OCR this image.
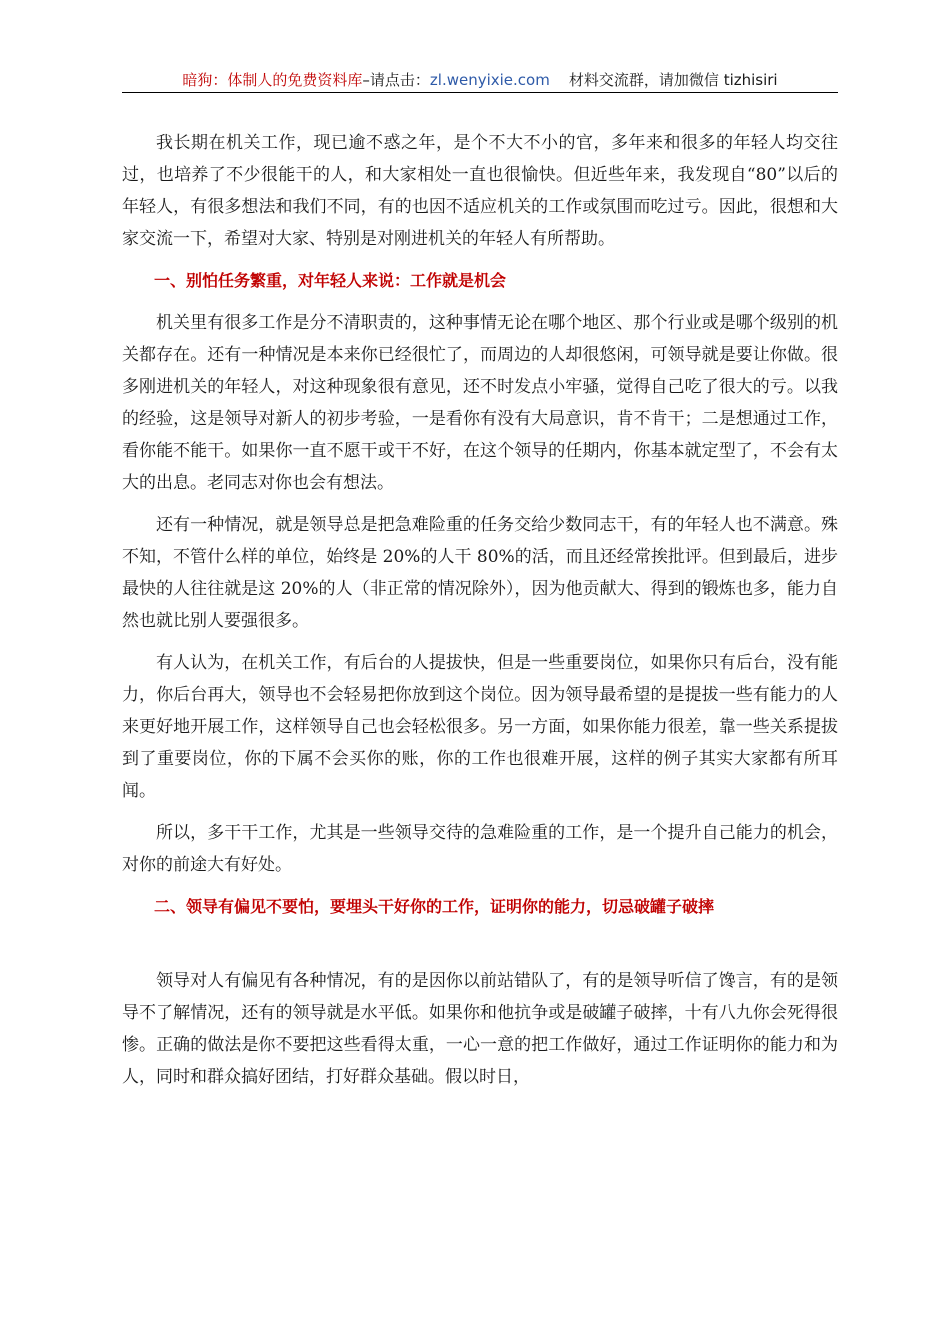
暗狗：体制人的免费资料库–请点击：zl.wenyixie.com 材料交流群，请加微信 tizhisiri

我长期在机关工作，现已逾不惑之年，是个不大不小的官，多年来和很多的年轻人均交往过，也培养了不少很能干的人，和大家相处一直也很愉快。但近些年来，我发现自“80”以后的年轻人，有很多想法和我们不同，有的也因不适应机关的工作或氛围而吃过亏。因此，很想和大家交流一下，希望对大家、特别是对刚进机关的年轻人有所帮助。

一、别怕任务繁重，对年轻人来说：工作就是机会

机关里有很多工作是分不清职责的，这种事情无论在哪个地区、那个行业或是哪个级别的机关都存在。还有一种情况是本来你已经很忙了，而周边的人却很悠闲，可领导就是要让你做。很多刚进机关的年轻人，对这种现象很有意见，还不时发点小牢骚，觉得自己吃了很大的亏。以我的经验，这是领导对新人的初步考验，一是看你有没有大局意识，肯不肯干；二是想通过工作，看你能不能干。如果你一直不愿干或干不好，在这个领导的任期内，你基本就定型了，不会有太大的出息。老同志对你也会有想法。

还有一种情况，就是领导总是把急难险重的任务交给少数同志干，有的年轻人也不满意。殊不知，不管什么样的单位，始终是 20%的人干 80%的活，而且还经常挨批评。但到最后，进步最快的人往往就是这 20%的人（非正常的情况除外），因为他贡献大、得到的锻炼也多，能力自然也就比别人要强很多。

有人认为，在机关工作，有后台的人提拔快，但是一些重要岗位，如果你只有后台，没有能力，你后台再大，领导也不会轻易把你放到这个岗位。因为领导最希望的是提拔一些有能力的人来更好地开展工作，这样领导自己也会轻松很多。另一方面，如果你能力很差，靠一些关系提拔到了重要岗位，你的下属不会买你的账，你的工作也很难开展，这样的例子其实大家都有所耳闻。

所以，多干干工作，尤其是一些领导交待的急难险重的工作，是一个提升自己能力的机会，对你的前途大有好处。

二、领导有偏见不要怕，要埋头干好你的工作，证明你的能力，切忌破罐子破摔

领导对人有偏见有各种情况，有的是因你以前站错队了，有的是领导听信了馋言，有的是领导不了解情况，还有的领导就是水平低。如果你和他抗争或是破罐子破摔，十有八九你会死得很惨。正确的做法是你不要把这些看得太重，一心一意的把工作做好，通过工作证明你的能力和为人，同时和群众搞好团结，打好群众基础。假以时日，
